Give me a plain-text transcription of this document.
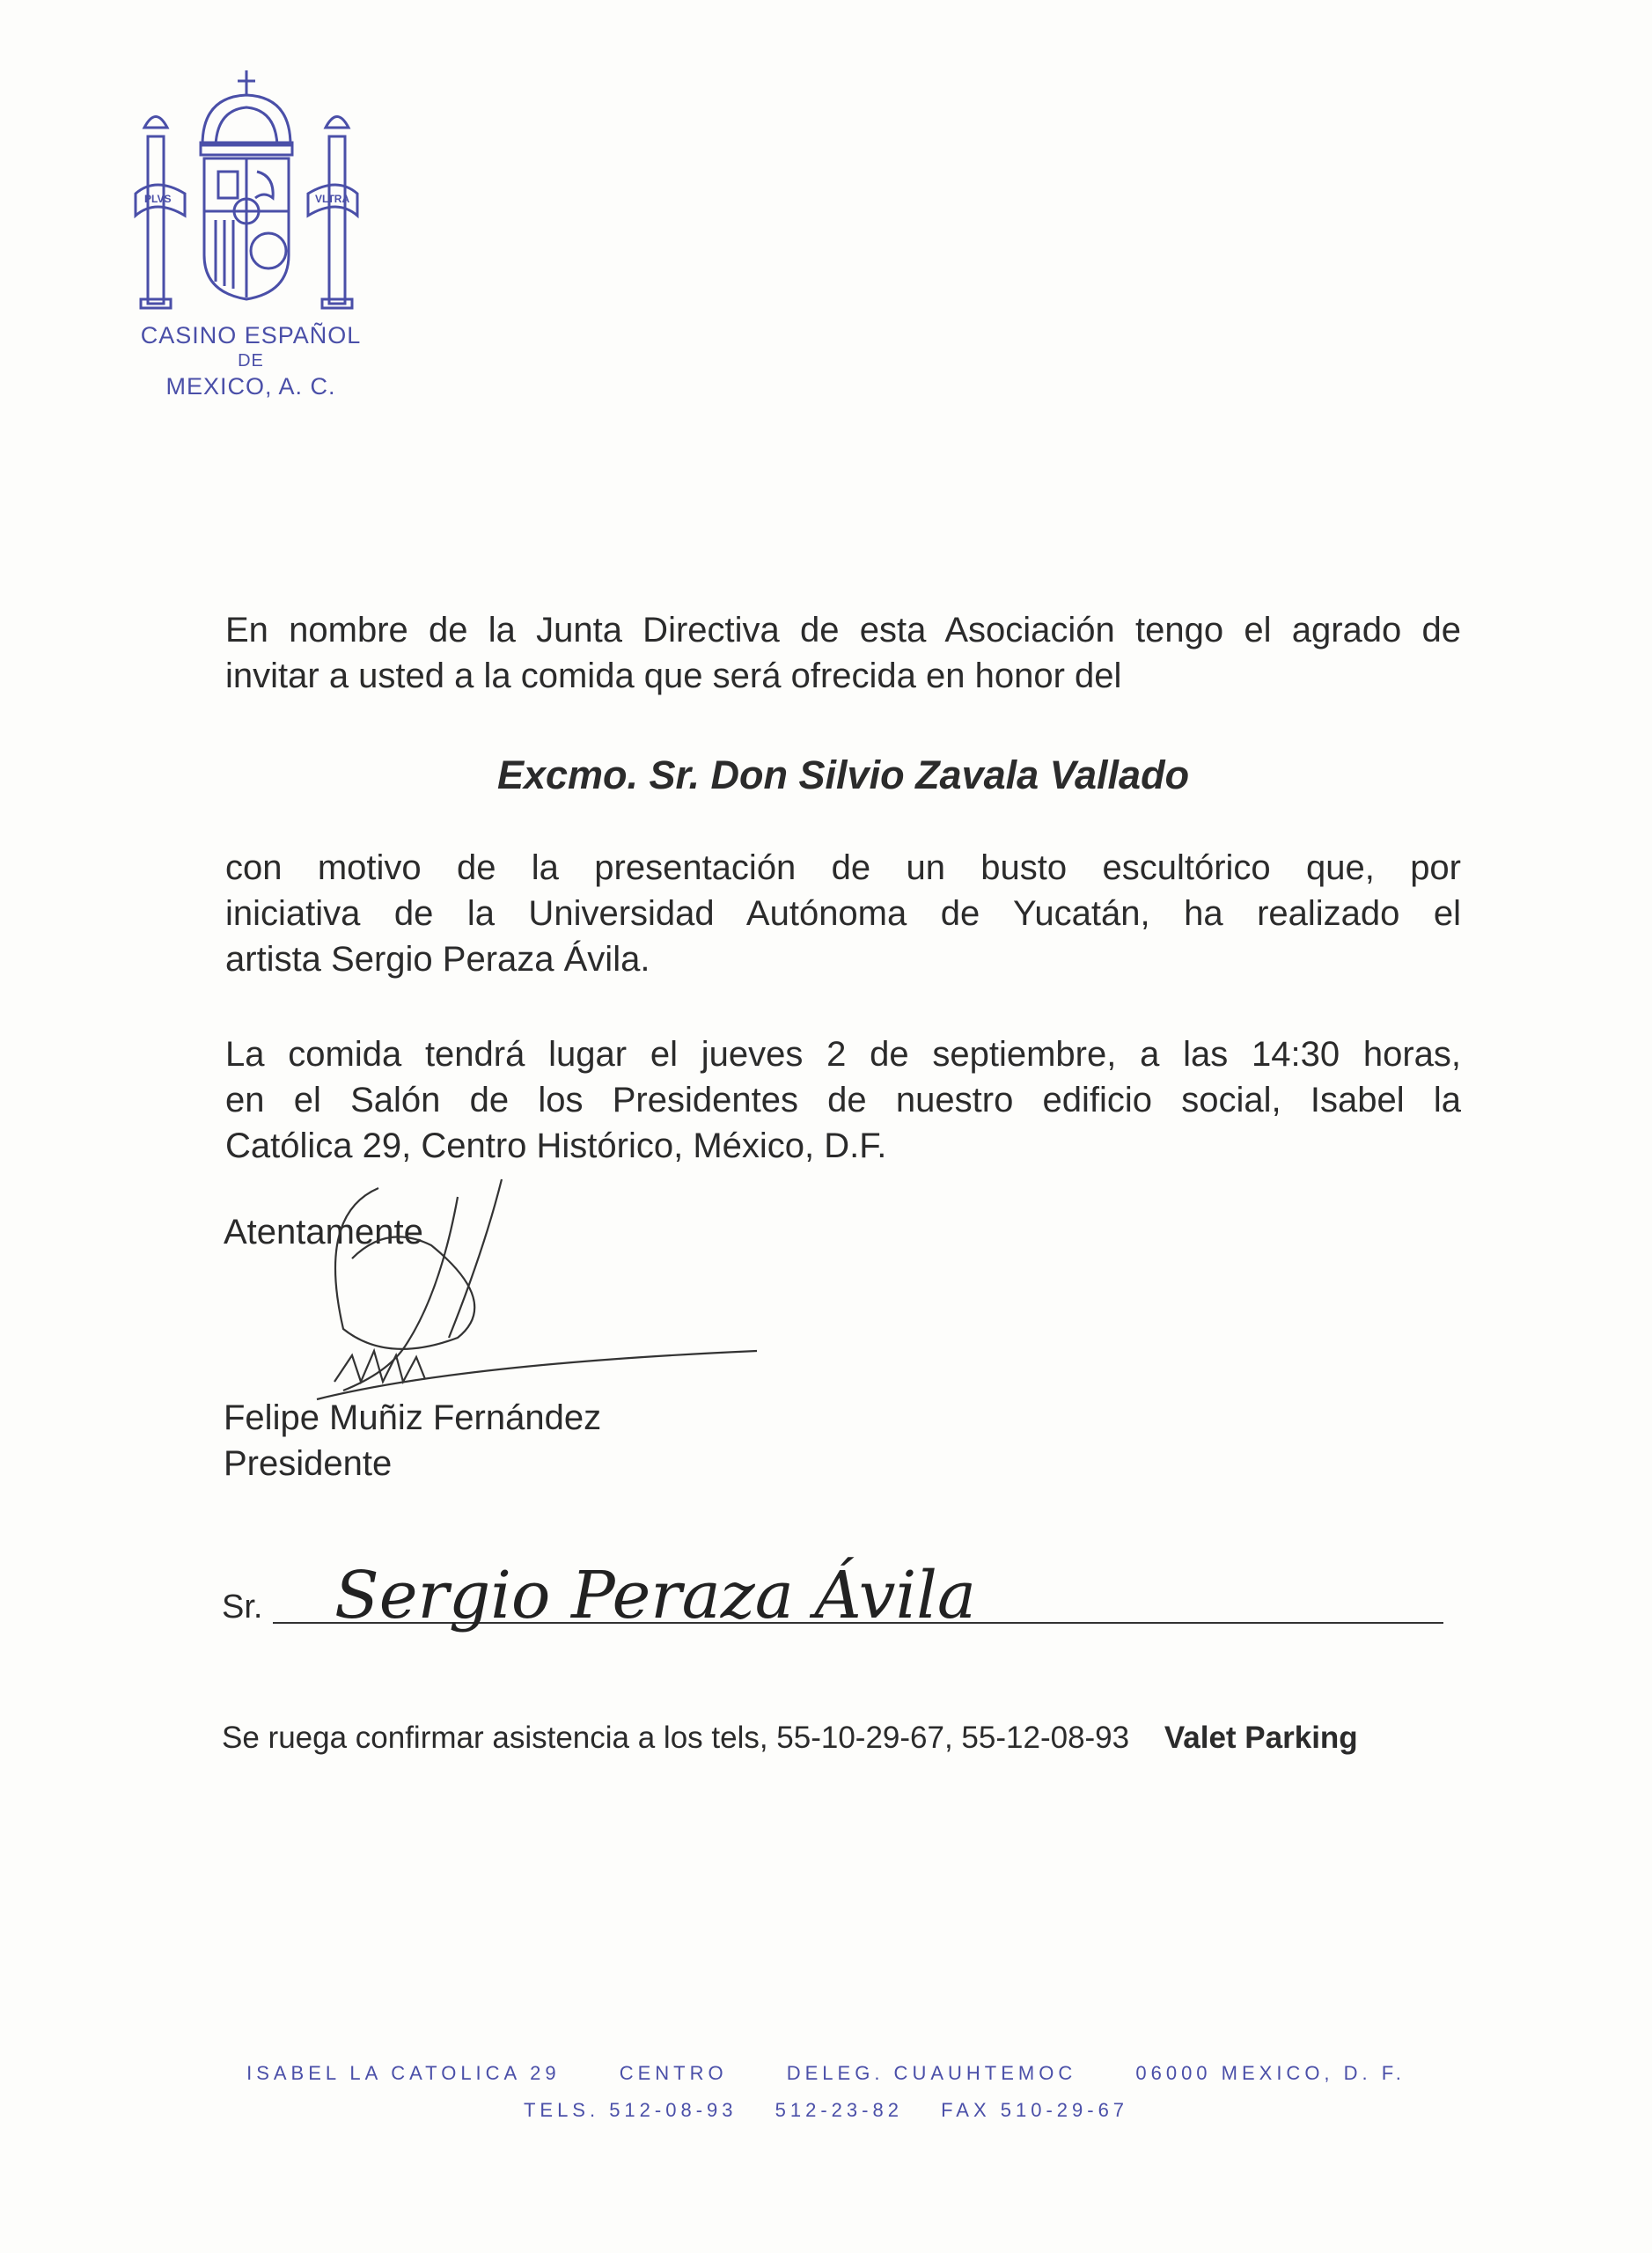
PLVS	VLTRA
CASINO ESPAÑOL
DE
MEXICO, A. C.
En nombre de la Junta Directiva de esta Asociación tengo el agrado de
invitar a usted a la comida que será ofrecida en honor del
Excmo. Sr. Don Silvio Zavala Vallado
con motivo de la presentación de un busto escultórico que, por
iniciativa de la Universidad Autónoma de Yucatán, ha realizado el
artista Sergio Peraza Ávila.
La comida tendrá lugar el jueves 2 de septiembre, a las 14:30 horas,
en el Salón de los Presidentes de nuestro edificio social, Isabel la
Católica 29, Centro Histórico, México, D.F.
Atentamente
Felipe Muñiz Fernández
Presidente
Sr. Sergio Peraza Ávila
Se ruega confirmar asistencia a los tels, 55-10-29-67, 55-12-08-93 Valet Parking
ISABEL LA CATOLICA 29	CENTRO	DELEG. CUAUHTEMOC	06000 MEXICO, D. F.
TELS. 512-08-93 512-23-82 FAX 510-29-67
